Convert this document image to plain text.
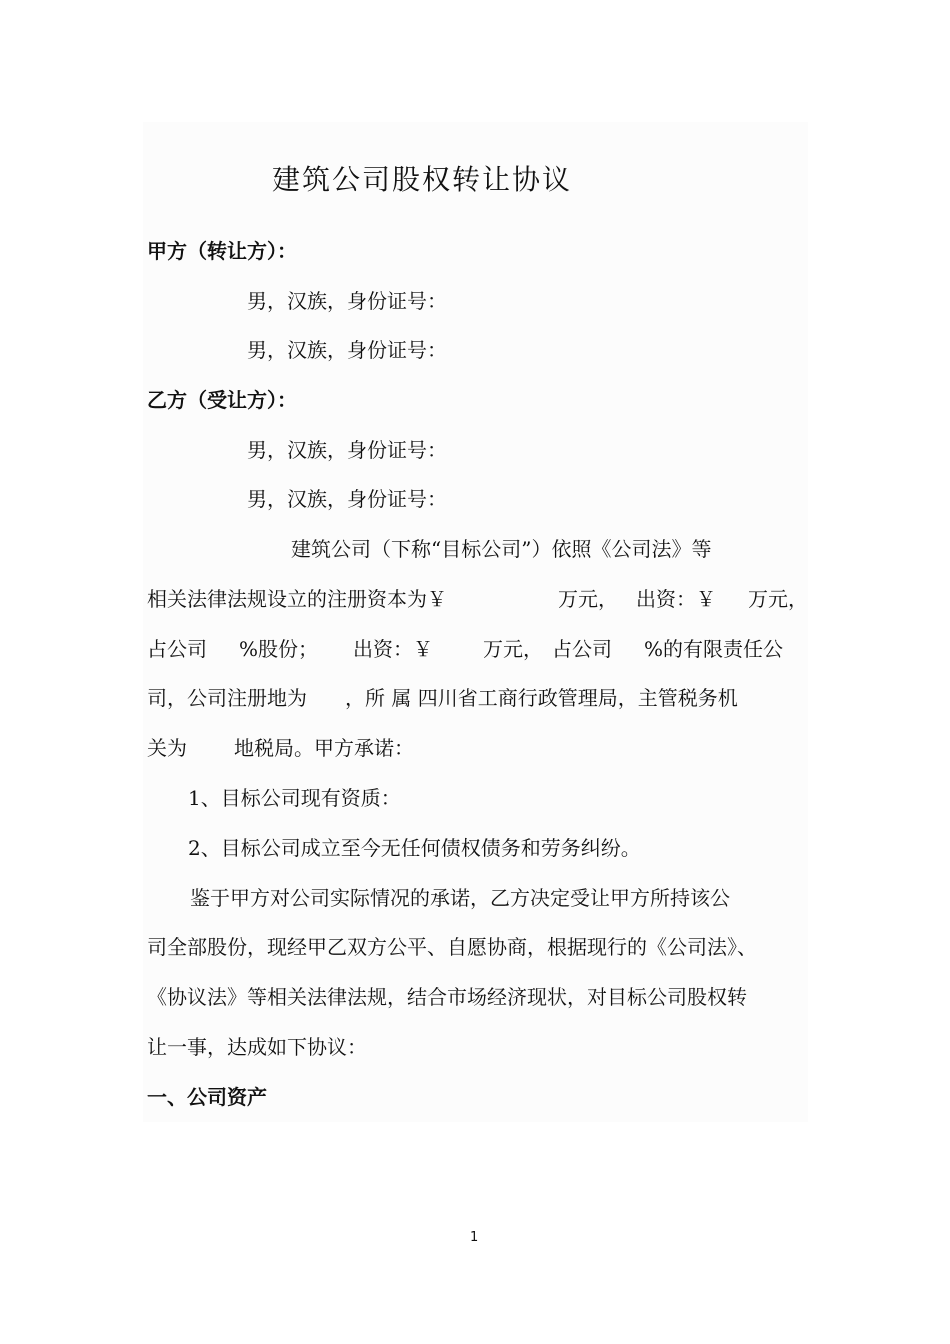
建筑公司股权转让协议
甲方（转让方）：
男，汉族，身份证号：
男，汉族，身份证号：
乙方（受让方）：
男，汉族，身份证号：
男，汉族，身份证号：
建筑公司（下称“目标公司”）依照《公司法》等
相关法律法规设立的注册资本为￥	万元， 出资：￥ 万元，
占公司 %股份； 出资：￥	万元， 占公司 %的有限责任公
司，公司注册地为 ，所 属 四川省工商行政管理局，主管税务机
关为 地税局。甲方承诺：
1、目标公司现有资质：
2、目标公司成立至今无任何债权债务和劳务纠纷。
鉴于甲方对公司实际情况的承诺，乙方决定受让甲方所持该公
司全部股份，现经甲乙双方公平、自愿协商，根据现行的《公司法》、
《协议法》等相关法律法规，结合市场经济现状，对目标公司股权转
让一事，达成如下协议：
一、公司资产
1
